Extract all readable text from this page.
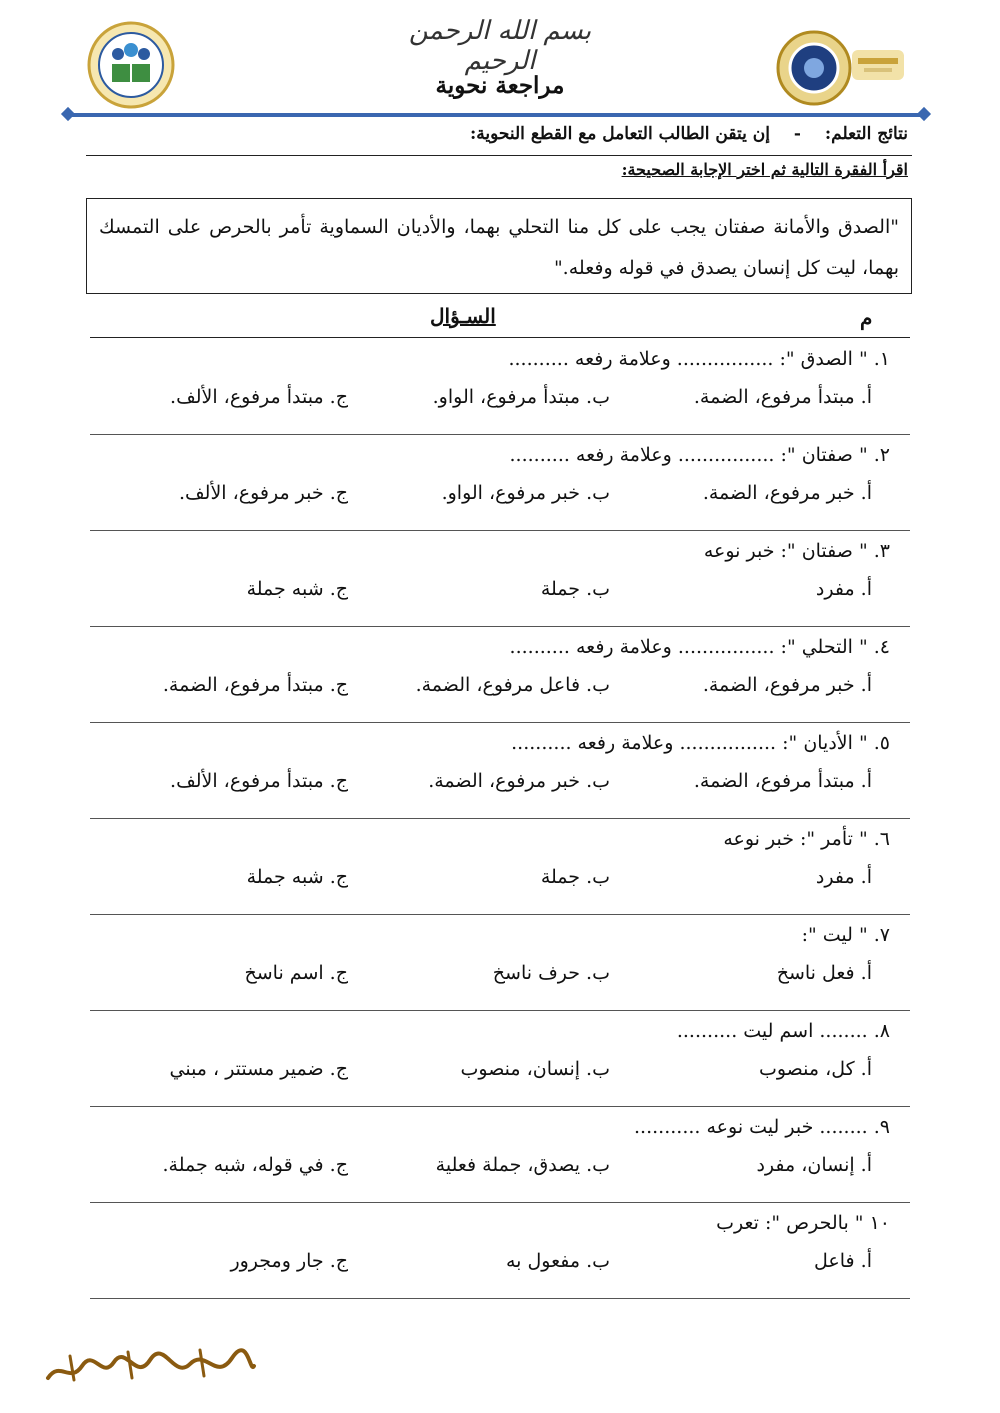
بسم الله الرحمن الرحيم
مراجعة نحوية
نتائج التعلم: - إن يتقن الطالب التعامل مع القطع النحوية:
اقرأ الفقرة التالية ثم اختر الإجابة الصحيحة:
"الصدق والأمانة صفتان يجب على كل منا التحلي بهما، والأديان السماوية تأمر بالحرص على التمسك بهما، ليت كل إنسان يصدق في قوله وفعله."
م
السـؤال
١. " الصدق ": ................ وعلامة رفعه ..........
أ. مبتدأ مرفوع، الضمة.
ب. مبتدأ مرفوع، الواو.
ج. مبتدأ مرفوع، الألف.
٢. " صفتان ": ................ وعلامة رفعه ..........
أ. خبر مرفوع، الضمة.
ب. خبر مرفوع، الواو.
ج. خبر مرفوع، الألف.
٣. " صفتان ": خبر نوعه
أ. مفرد
ب. جملة
ج. شبه جملة
٤. " التحلي ": ................ وعلامة رفعه ..........
أ. خبر مرفوع، الضمة.
ب. فاعل مرفوع، الضمة.
ج. مبتدأ مرفوع، الضمة.
٥. " الأديان ": ................ وعلامة رفعه ..........
أ. مبتدأ مرفوع، الضمة.
ب. خبر مرفوع، الضمة.
ج. مبتدأ مرفوع، الألف.
٦. " تأمر ": خبر نوعه
أ. مفرد
ب. جملة
ج. شبه جملة
٧. " ليت ":
أ. فعل ناسخ
ب. حرف ناسخ
ج. اسم ناسخ
٨. ........ اسم ليت ..........
أ. كل، منصوب
ب. إنسان، منصوب
ج. ضمير مستتر ، مبني
٩. ........ خبر ليت نوعه ...........
أ. إنسان، مفرد
ب. يصدق، جملة فعلية
ج. في قوله، شبه جملة.
١٠ " بالحرص ": تعرب
أ. فاعل
ب. مفعول به
ج. جار ومجرور
